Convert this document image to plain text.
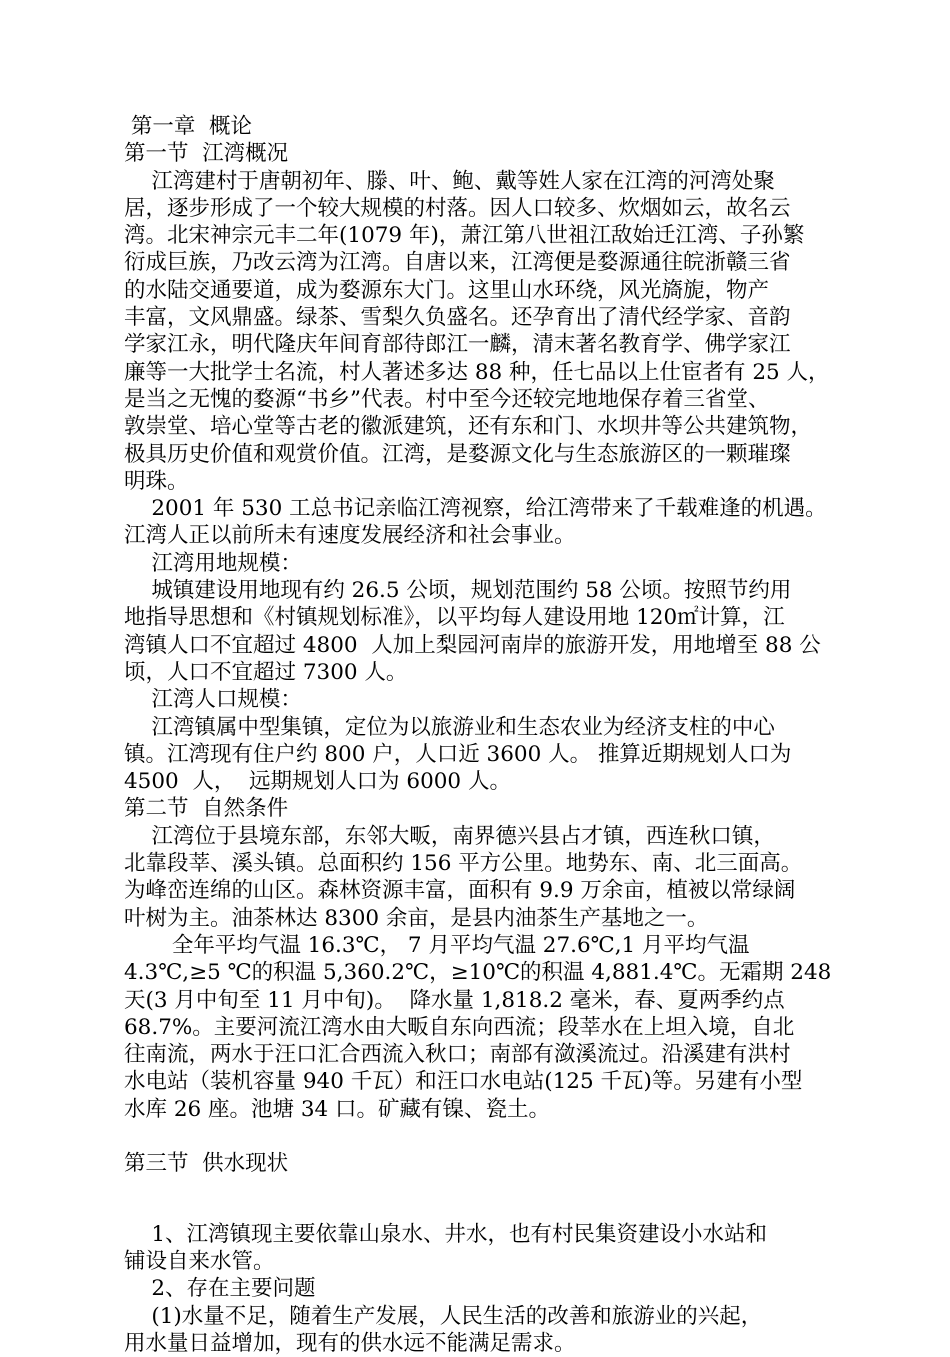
第一章  概论
第一节  江湾概况
江湾建村于唐朝初年、滕、叶、鲍、戴等姓人家在江湾的河湾处聚
居，逐步形成了一个较大规模的村落。因人口较多、炊烟如云，故名云
湾。北宋神宗元丰二年(1079 年)，萧江第八世祖江敌始迁江湾、子孙繁
衍成巨族，乃改云湾为江湾。自唐以来，江湾便是婺源通往皖浙赣三省
的水陆交通要道，成为婺源东大门。这里山水环绕，风光旖旎，物产
丰富，文风鼎盛。绿茶、雪梨久负盛名。还孕育出了清代经学家、音韵
学家江永，明代隆庆年间育部待郎江一麟，清末著名教育学、佛学家江
廉等一大批学士名流，村人著述多达 88 种，任七品以上仕宦者有 25 人，
是当之无愧的婺源“书乡”代表。村中至今还较完地地保存着三省堂、
敦崇堂、培心堂等古老的徽派建筑，还有东和门、水坝井等公共建筑物，
极具历史价值和观赏价值。江湾，是婺源文化与生态旅游区的一颗璀璨
明珠。
2001 年 530 工总书记亲临江湾视察，给江湾带来了千载难逢的机遇。
江湾人正以前所未有速度发展经济和社会事业。
江湾用地规模：
城镇建设用地现有约 26.5 公顷，规划范围约 58 公顷。按照节约用
地指导思想和《村镇规划标准》，以平均每人建设用地 120㎡计算，江
湾镇人口不宜超过 4800  人加上梨园河南岸的旅游开发，用地增至 88 公
顷，人口不宜超过 7300 人。
江湾人口规模：
江湾镇属中型集镇，定位为以旅游业和生态农业为经济支柱的中心
镇。江湾现有住户约 800 户，人口近 3600 人。 推算近期规划人口为
4500  人，  远期规划人口为 6000 人。
第二节  自然条件
江湾位于县境东部，东邻大畈，南界德兴县占才镇，西连秋口镇，
北靠段莘、溪头镇。总面积约 156 平方公里。地势东、南、北三面高。
为峰峦连绵的山区。森林资源丰富，面积有 9.9 万余亩，植被以常绿阔
叶树为主。油茶林达 8300 余亩，是县内油茶生产基地之一。
全年平均气温 16.3℃， 7 月平均气温 27.6℃,1 月平均气温
4.3℃,≥5 ℃的积温 5,360.2℃，≥10℃的积温 4,881.4℃。无霜期 248
天(3 月中旬至 11 月中旬)。  降水量 1,818.2 毫米，春、夏两季约点
68.7%。主要河流江湾水由大畈自东向西流；段莘水在上坦入境，自北
往南流，两水于汪口汇合西流入秋口；南部有潋溪流过。沿溪建有洪村
水电站（装机容量 940 千瓦）和汪口水电站(125 千瓦)等。另建有小型
水库 26 座。池塘 34 口。矿藏有镍、瓷土。
第三节  供水现状
1、江湾镇现主要依靠山泉水、井水，也有村民集资建设小水站和
铺设自来水管。
2、存在主要问题
(1)水量不足，随着生产发展，人民生活的改善和旅游业的兴起，
用水量日益增加，现有的供水远不能满足需求。
